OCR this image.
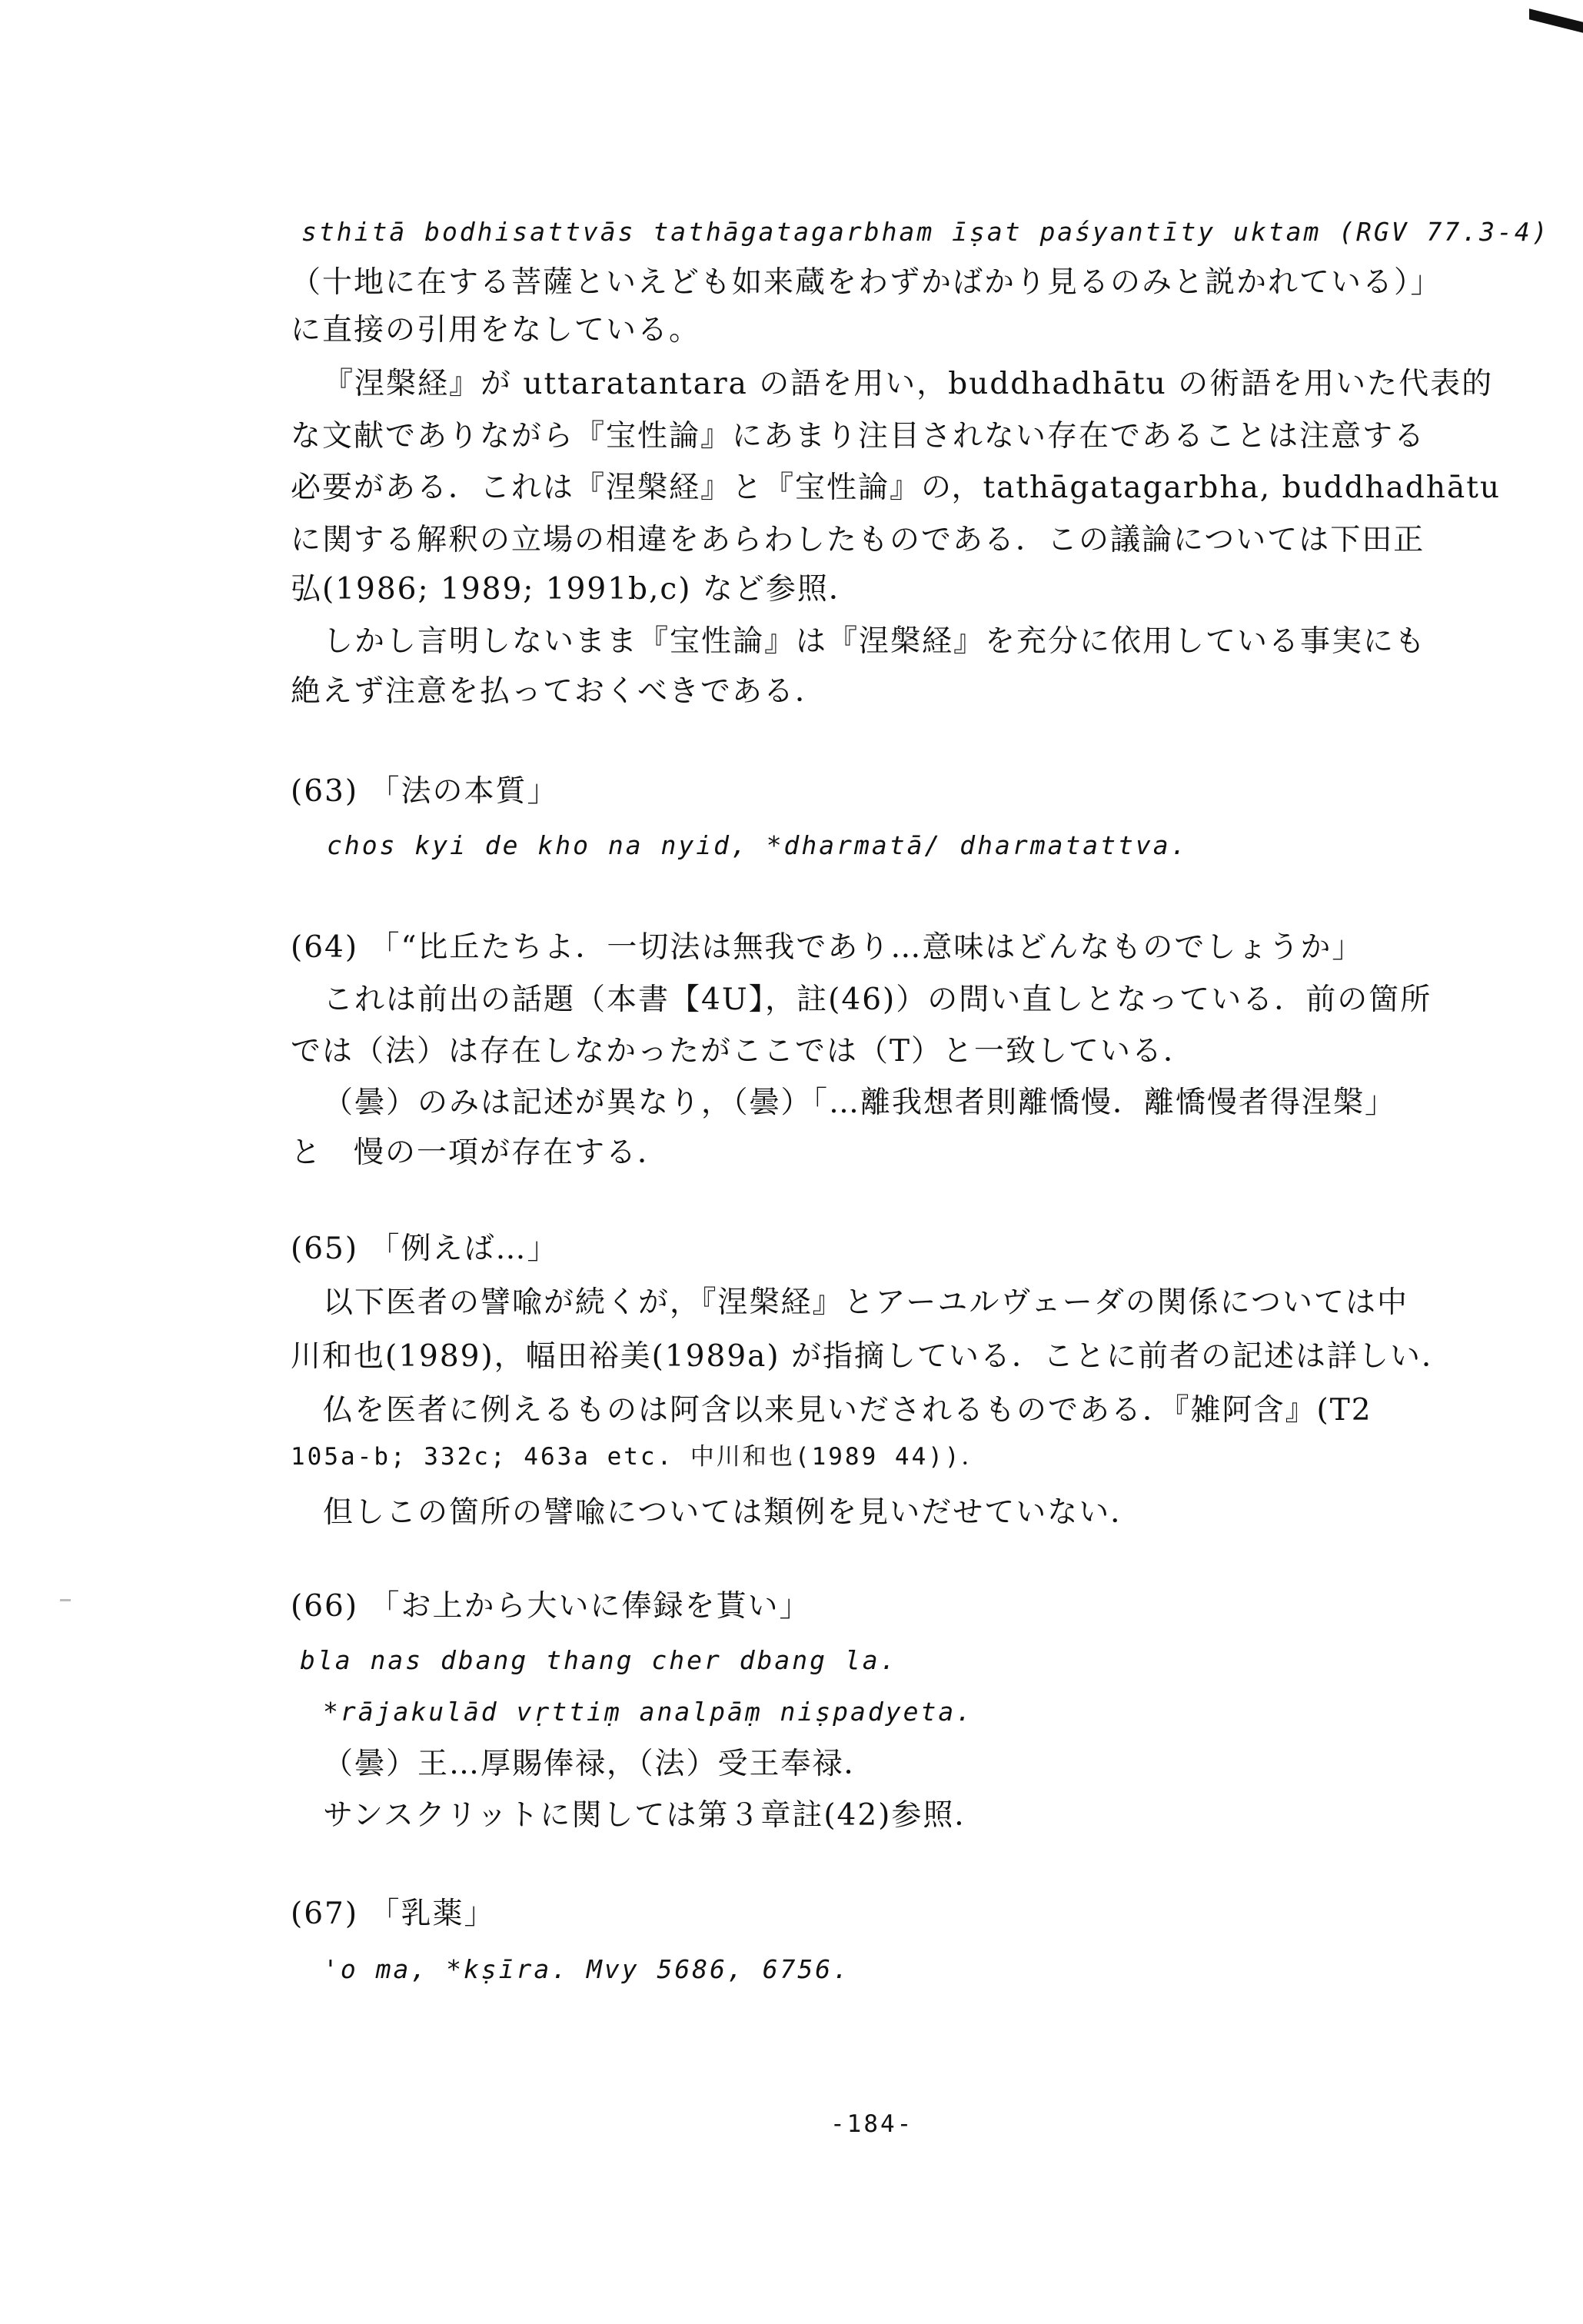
sthitā bodhisattvās tathāgatagarbham īṣat paśyantīty uktam (RGV 77.3-4)
（十地に在する菩薩といえども如来蔵をわずかばかり見るのみと説かれている）」
に直接の引用をなしている。
『涅槃経』が uttaratantara の語を用い，buddhadhātu の術語を用いた代表的
な文献でありながら『宝性論』にあまり注目されない存在であることは注意する
必要がある．これは『涅槃経』と『宝性論』の，tathāgatagarbha, buddhadhātu
に関する解釈の立場の相違をあらわしたものである．この議論については下田正
弘(1986; 1989; 1991b,c) など参照．
しかし言明しないまま『宝性論』は『涅槃経』を充分に依用している事実にも
絶えず注意を払っておくべきである．
(63) 「法の本質」
chos kyi de kho na nyid, *dharmatā/ dharmatattva.
(64) 「“比丘たちよ．一切法は無我であり…意味はどんなものでしょうか」
これは前出の話題（本書【4U】，註(46)）の問い直しとなっている．前の箇所
では（法）は存在しなかったがここでは（T）と一致している．
（曇）のみは記述が異なり，（曇）「…離我想者則離憍慢．離憍慢者得涅槃」
と　慢の一項が存在する．
(65) 「例えば…」
以下医者の譬喩が続くが，『涅槃経』とアーユルヴェーダの関係については中
川和也(1989)，幅田裕美(1989a) が指摘している．ことに前者の記述は詳しい．
仏を医者に例えるものは阿含以来見いだされるものである．『雑阿含』(T2
105a-b; 332c; 463a etc. 中川和也(1989 44))．
但しこの箇所の譬喩については類例を見いだせていない．
(66) 「お上から大いに俸録を貰い」
bla nas dbang thang cher dbang la.
*rājakulād vṛttiṃ analpāṃ niṣpadyeta.
（曇）王…厚賜俸禄，（法）受王奉禄．
サンスクリットに関しては第３章註(42)参照．
(67) 「乳薬」
'o ma, *kṣīra. Mvy 5686, 6756.
-184-
